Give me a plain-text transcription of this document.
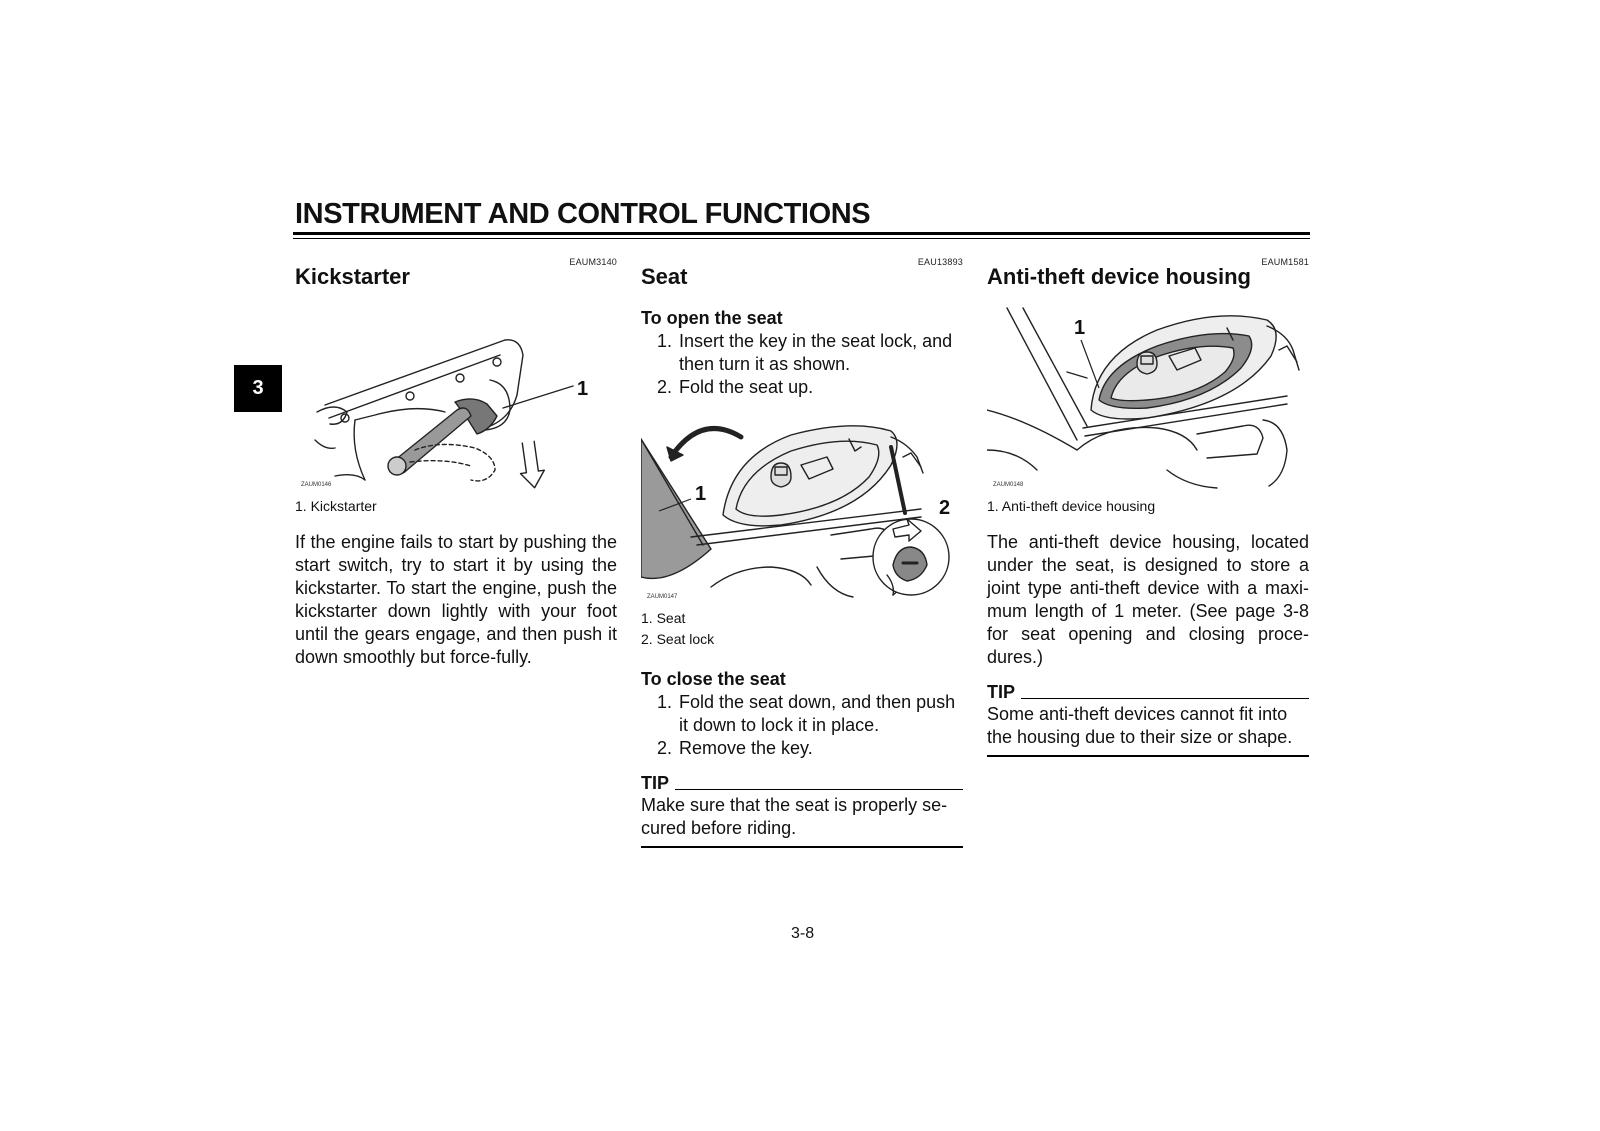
3
INSTRUMENT AND CONTROL FUNCTIONS
EAUM3140
Kickstarter
1
ZAUM0146
1. Kickstarter
If the engine fails to start by pushing the start switch, try to start it by using the kickstarter. To start the engine, push the kickstarter down lightly with your foot until the gears engage, and then push it down smoothly but force-fully.
EAU13893
Seat
To open the seat
1. Insert the key in the seat lock, and then turn it as shown.
2. Fold the seat up.
1
2
ZAUM0147
1. Seat
2. Seat lock
To close the seat
1. Fold the seat down, and then push it down to lock it in place.
2. Remove the key.
TIP
Make sure that the seat is properly se-cured before riding.
EAUM1581
Anti-theft device housing
1
ZAUM0148
1. Anti-theft device housing
The anti-theft device housing, located under the seat, is designed to store a joint type anti-theft device with a maxi-mum length of 1 meter. (See page 3-8 for seat opening and closing proce-dures.)
TIP
Some anti-theft devices cannot fit into the housing due to their size or shape.
3-8
